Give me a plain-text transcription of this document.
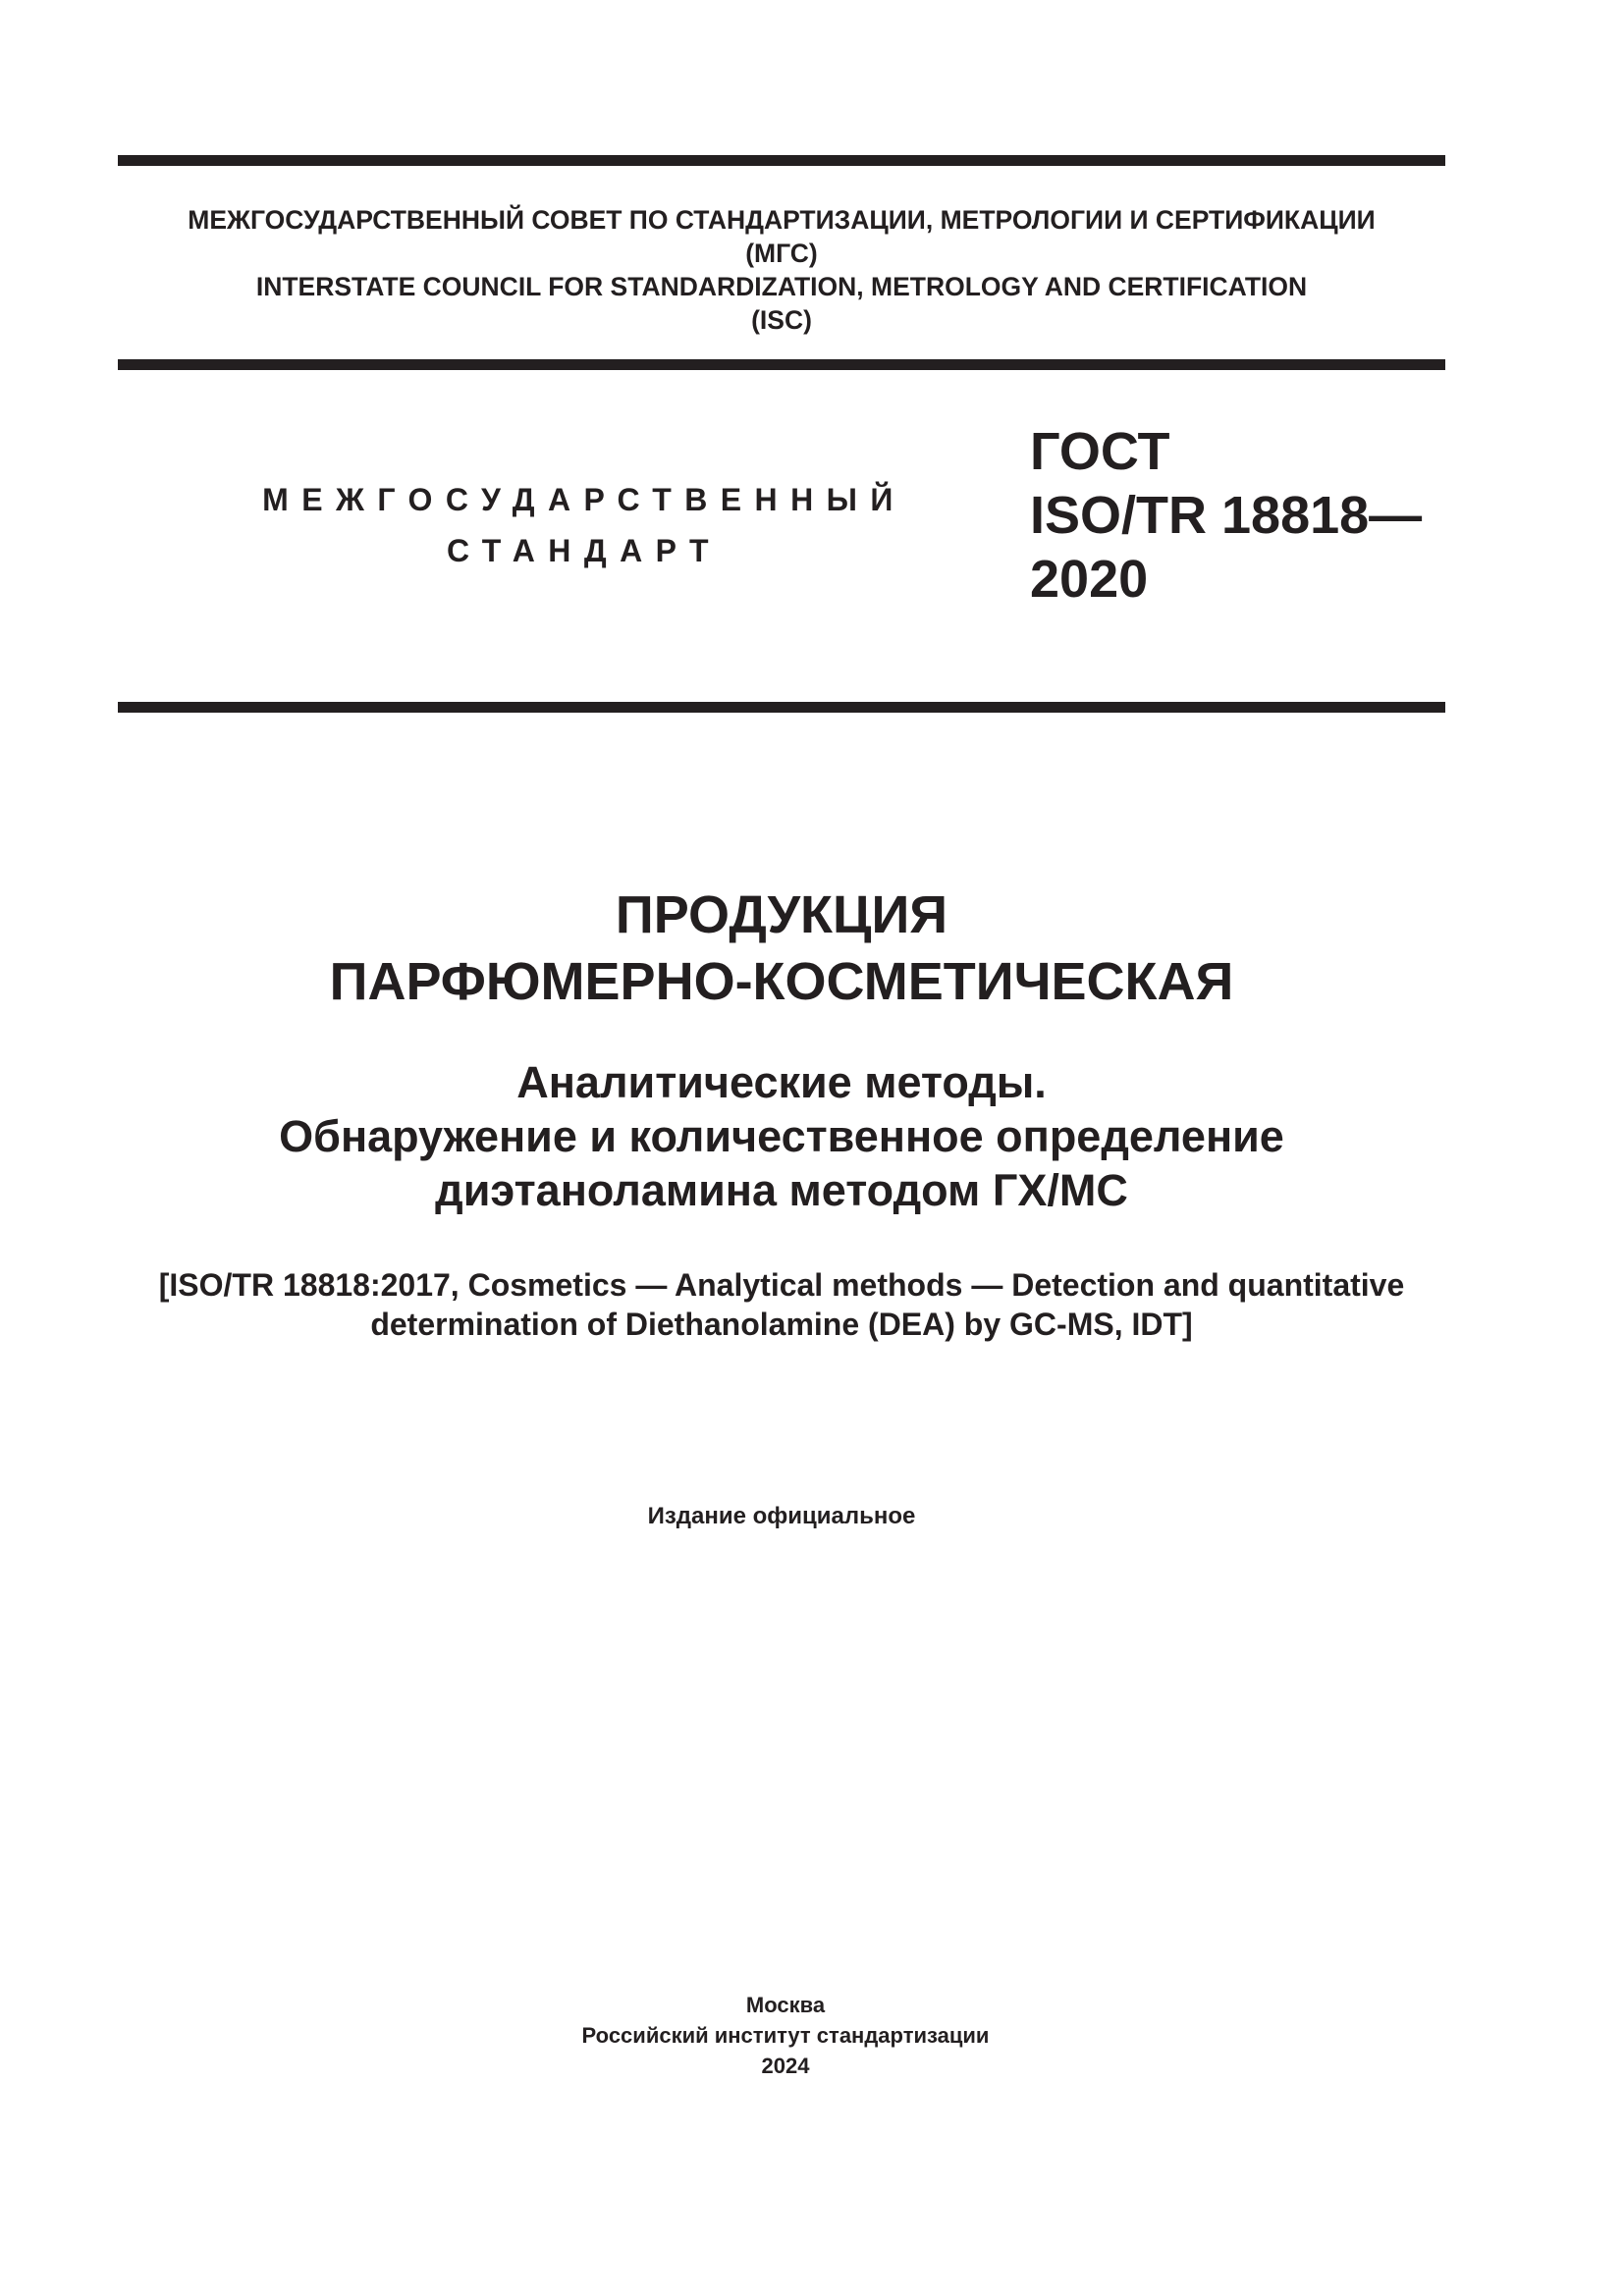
МЕЖГОСУДАРСТВЕННЫЙ СОВЕТ ПО СТАНДАРТИЗАЦИИ, МЕТРОЛОГИИ И СЕРТИФИКАЦИИ
(МГС)
INTERSTATE COUNCIL FOR STANDARDIZATION, METROLOGY AND CERTIFICATION
(ISC)
МЕЖГОСУДАРСТВЕННЫЙ
СТАНДАРТ
ГОСТ
ISO/TR 18818—
2020
ПРОДУКЦИЯ
ПАРФЮМЕРНО-КОСМЕТИЧЕСКАЯ
Аналитические методы.
Обнаружение и количественное определение
диэтаноламина методом ГХ/МС
[ISO/TR 18818:2017, Cosmetics — Analytical methods — Detection and quantitative
determination of Diethanolamine (DEA) by GC-MS, IDT]
Издание официальное
Москва
Российский институт стандартизации
2024
